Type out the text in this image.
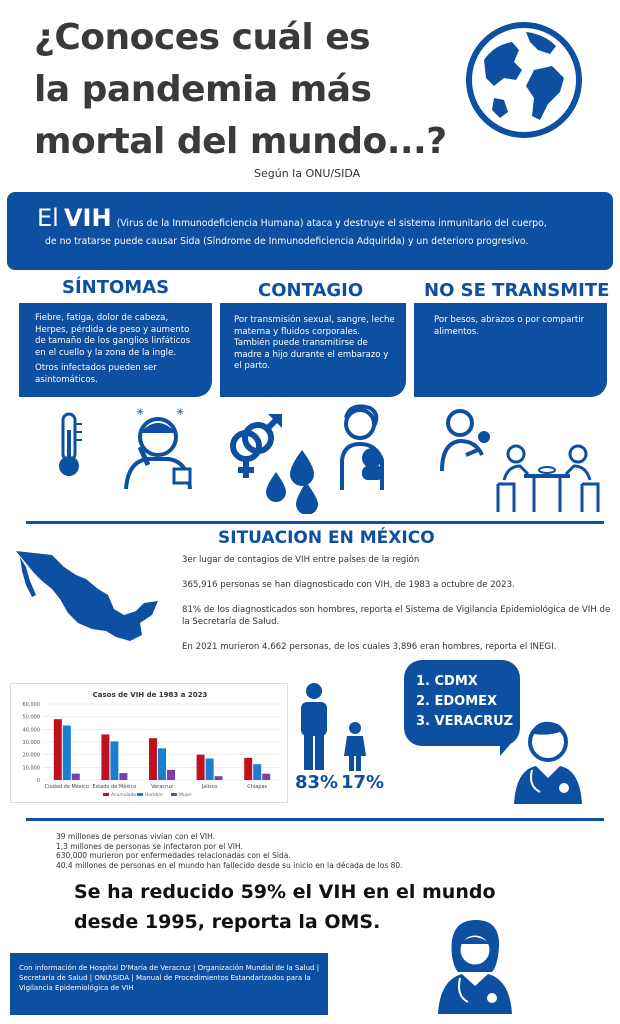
¿Conoces cuál es
la pandemia más
mortal del mundo...?
Según la ONU/SIDA
El VIH (Virus de la Inmunodeficiencia Humana) ataca y destruye el sistema inmunitario del cuerpo,
de no tratarse puede causar Sida (Síndrome de Inmunodeficiencia Adquirida) y un deterioro progresivo.
SÍNTOMAS	CONTAGIO	NO SE TRANSMITE
Fiebre, fatiga, dolor de cabeza, Herpes, pérdida de peso y aumento de tamaño de los ganglios linfáticos en el cuello y la zona de la ingle.
Otros infectados pueden ser asintomáticos.
Por transmisión sexual, sangre, leche materna y fluidos corporales. También puede transmitirse de madre a hijo durante el embarazo y el parto.
Por besos, abrazos o por compartir alimentos.
✳	✳
SITUACION EN MÉXICO
3er lugar de contagios de VIH entre países de la región
365,916 personas se han diagnosticado con VIH, de 1983 a octubre de 2023.
81% de los diagnosticados son hombres, reporta el Sistema de Vigilancia Epidemiológica de VIH de la Secretaría de Salud.
En 2021 murieron 4,662 personas, de los cuales 3,896 eran hombres, reporta el INEGI.
Casos de VIH de 1983 a 2023
0
10,000
20,000
30,000
40,000
50,000
60,000
Ciudad de México Estado de México	Veracruz	Jalisco	Chiapas
Acumulado Hombre	Mujer
83% 17%
1. CDMX
2. EDOMEX
3. VERACRUZ
39 millones de personas vivían con el VIH.
1,3 millones de personas se infectaron por el VIH.
630,000 murieron por enfermedades relacionadas con el Sida.
40.4 millones de personas en el mundo han fallecido desde su inicio en la década de los 80.
Se ha reducido 59% el VIH en el mundo
desde 1995, reporta la OMS.
Con información de Hospital D'María de Veracruz | Organización Mundial de la Salud | Secretaría de Salud | ONU\SIDA | Manual de Procedimientos Estandarizados para la Vigilancia Epidemiológica de VIH
